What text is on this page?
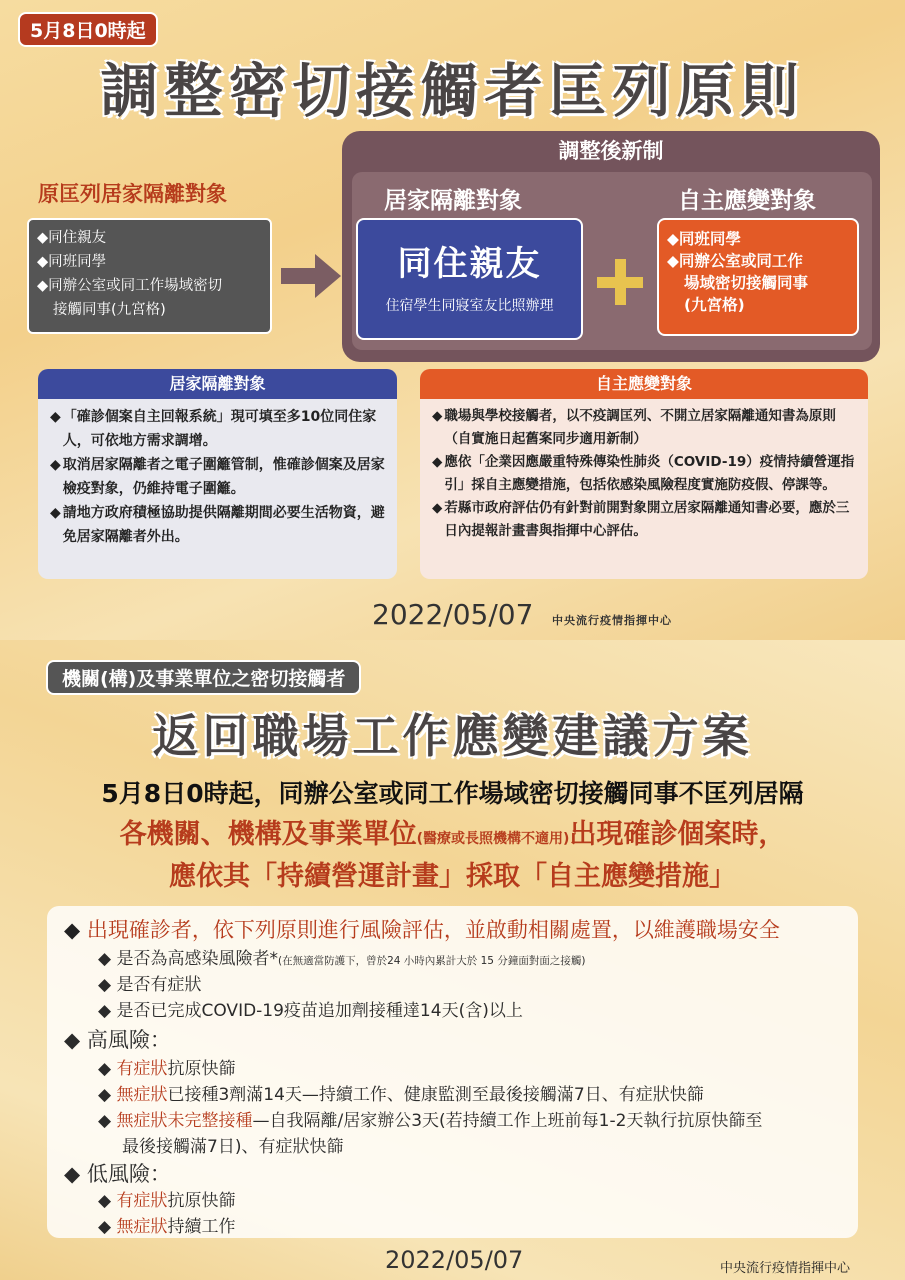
5月8日0時起
調整密切接觸者匡列原則
原匡列居家隔離對象
◆同住親友
◆同班同學
◆同辦公室或同工作場域密切
接觸同事(九宮格)
調整後新制
居家隔離對象	自主應變對象
同住親友
住宿學生同寢室友比照辦理
◆同班同學
◆同辦公室或同工作
場域密切接觸同事
(九宮格)
居家隔離對象
◆ 「確診個案自主回報系統」現可填至多10位同住家人，可依地方需求調增。
◆ 取消居家隔離者之電子圍籬管制，惟確診個案及居家檢疫對象，仍維持電子圍籬。
◆ 請地方政府積極協助提供隔離期間必要生活物資，避免居家隔離者外出。
自主應變對象
◆ 職場與學校接觸者，以不疫調匡列、不開立居家隔離通知書為原則（自實施日起舊案同步適用新制）
◆ 應依「企業因應嚴重特殊傳染性肺炎（COVID-19）疫情持續營運指引」採自主應變措施，包括依感染風險程度實施防疫假、停課等。
◆ 若縣市政府評估仍有針對前開對象開立居家隔離通知書必要，應於三日內提報計畫書與指揮中心評估。
2022/05/07 中央流行疫情指揮中心
機關(構)及事業單位之密切接觸者
返回職場工作應變建議方案
5月8日0時起，同辦公室或同工作場域密切接觸同事不匡列居隔
各機關、機構及事業單位(醫療或長照機構不適用)出現確診個案時，
應依其「持續營運計畫」採取「自主應變措施」
◆ 出現確診者，依下列原則進行風險評估，並啟動相關處置，以維護職場安全
◆ 是否為高感染風險者*(在無適當防護下，曾於24 小時內累計大於 15 分鐘面對面之接觸)
◆ 是否有症狀
◆ 是否已完成COVID-19疫苗追加劑接種達14天(含)以上
◆ 高風險：
◆ 有症狀抗原快篩
◆ 無症狀已接種3劑滿14天—持續工作、健康監測至最後接觸滿7日、有症狀快篩
◆ 無症狀未完整接種—自我隔離/居家辦公3天(若持續工作上班前每1-2天執行抗原快篩至
最後接觸滿7日)、有症狀快篩
◆ 低風險：
◆ 有症狀抗原快篩
◆ 無症狀持續工作
2022/05/07	中央流行疫情指揮中心
